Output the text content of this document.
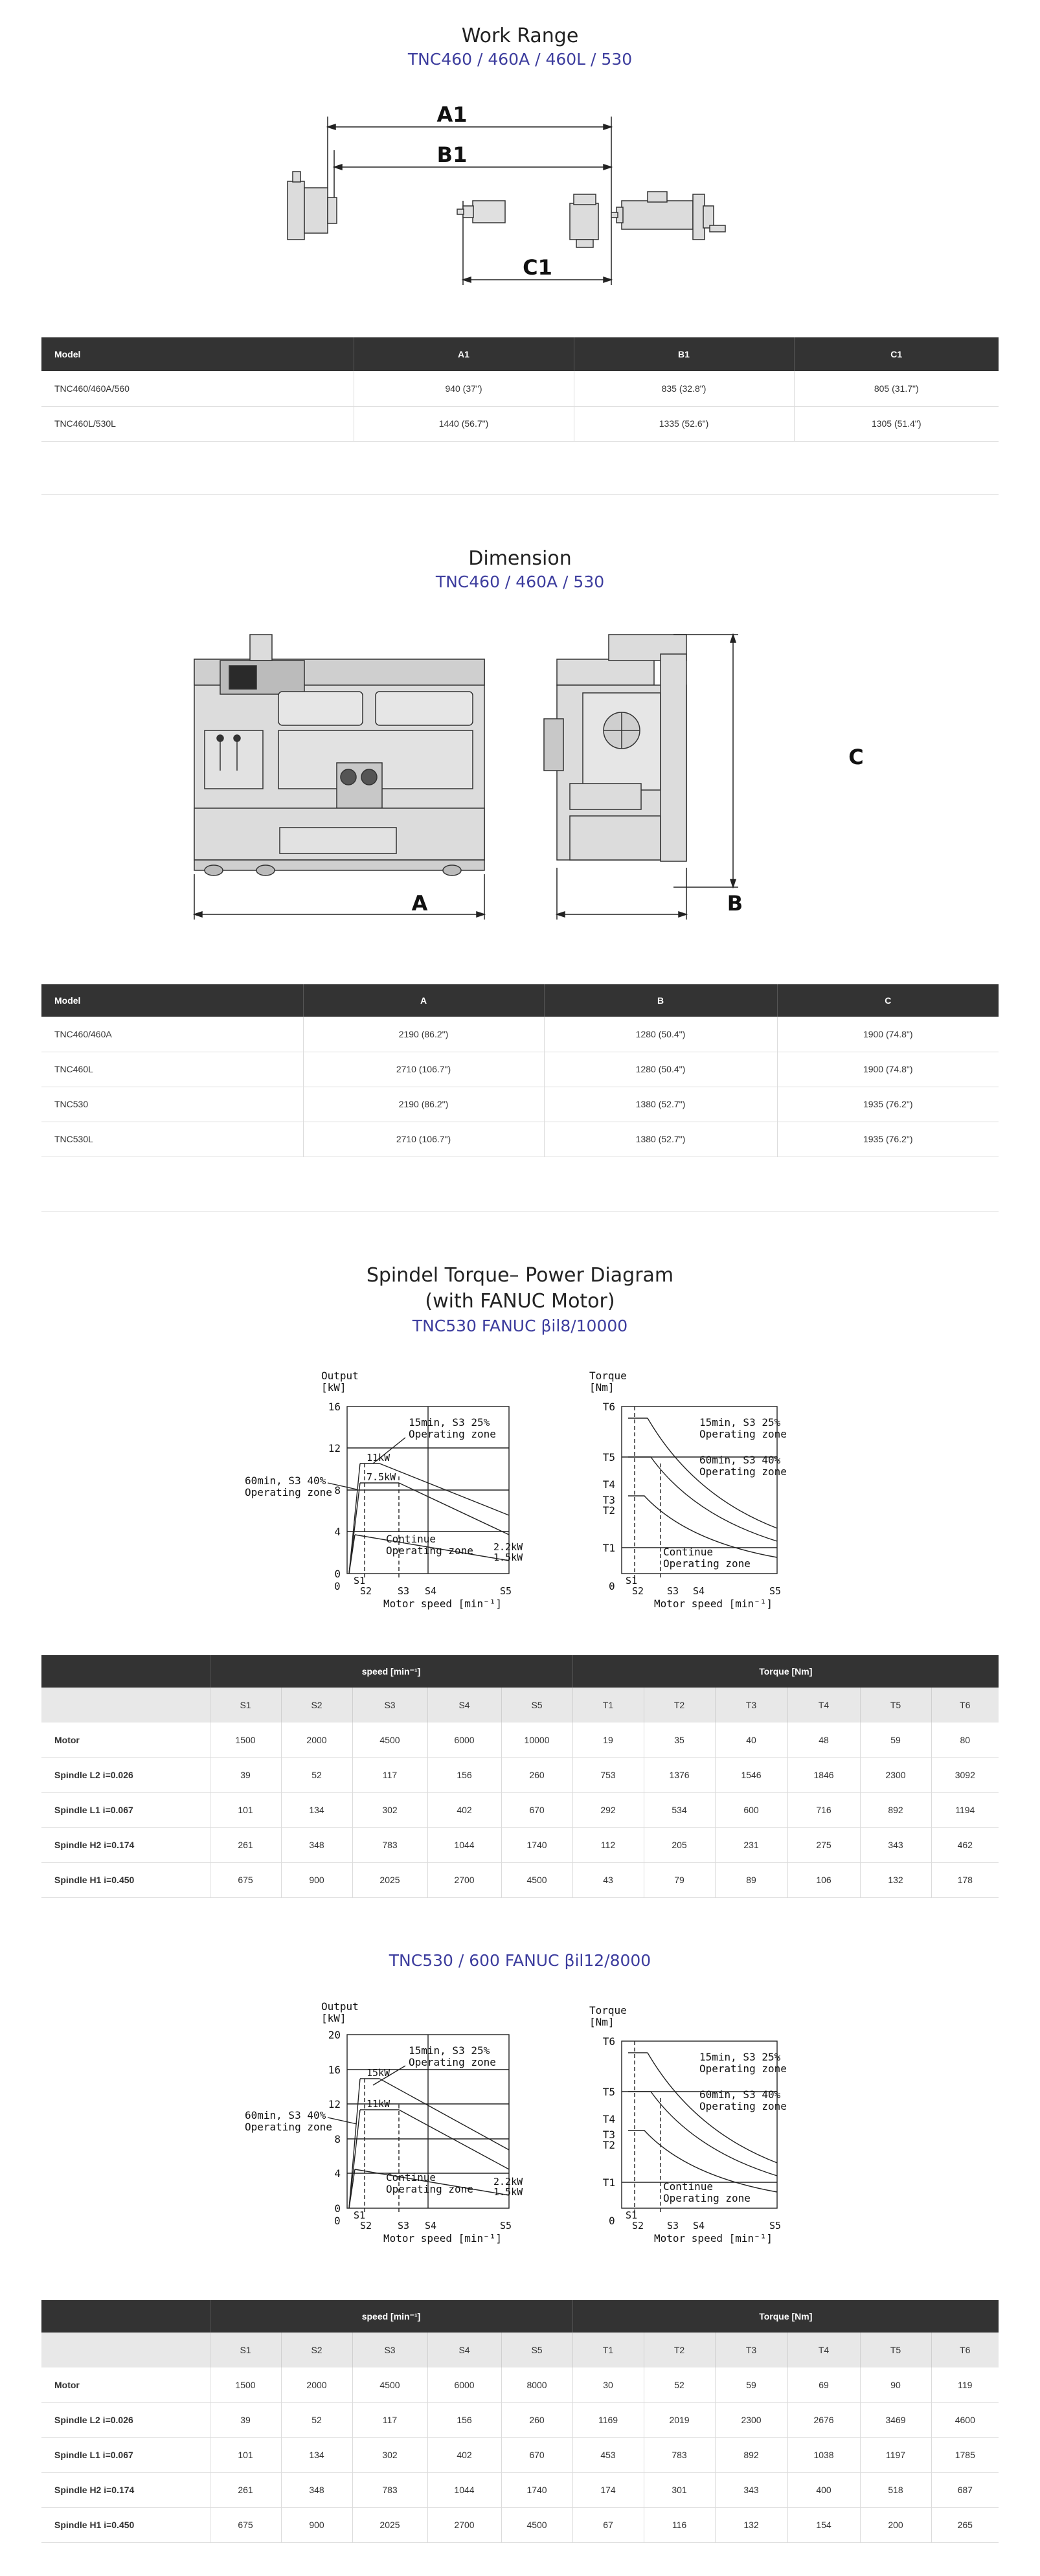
Work Range
TNC460 / 460A / 460L / 530
A1
B1
C1
Model	A1	B1	C1
TNC460/460A/560	940 (37")	835 (32.8")	805 (31.7")
TNC460L/530L	1440 (56.7")	1335 (52.6")	1305 (51.4")
Dimension
TNC460 / 460A / 530
A	B
C
Model	A	B	C
TNC460/460A	2190 (86.2")	1280 (50.4")	1900 (74.8")
TNC460L	2710 (106.7")	1280 (50.4")	1900 (74.8")
TNC530	2190 (86.2")	1380 (52.7")	1935 (76.2")
TNC530L	2710 (106.7")	1380 (52.7")	1935 (76.2")
Spindel Torque– Power Diagram
(with FANUC Motor)
TNC530 FANUC βil8/10000
Output
[kW]
16
12
8
4
0
0
11kW
7.5kW
2.2kW
1.5kW
15min, S3 25%
Operating zone
60min, S3 40%
Operating zone
Continue
Operating zone
S1
S2	S3 S4	S5
Motor speed [min⁻¹]
Torque
[Nm]
T6
T5
T4
T3
T2
T1
0
15min, S3 25%
Operating zone
60min, S3 40%
Operating zone
Continue
Operating zone
S1
S2 S3 S4	S5
Motor speed [min⁻¹]
	speed [min⁻¹]					Torque [Nm]					
	S1	S2	S3	S4	S5	T1	T2	T3	T4	T5	T6
Motor	1500	2000	4500	6000	10000	19	35	40	48	59	80
Spindle L2 i=0.026	39	52	117	156	260	753	1376	1546	1846	2300	3092
Spindle L1 i=0.067	101	134	302	402	670	292	534	600	716	892	1194
Spindle H2 i=0.174	261	348	783	1044	1740	112	205	231	275	343	462
Spindle H1 i=0.450	675	900	2025	2700	4500	43	79	89	106	132	178
TNC530 / 600 FANUC βil12/8000
Output
[kW]
20
16
12
8
4
0
0
15kW
11kW
2.2kW
1.5kW
15min, S3 25%
Operating zone
60min, S3 40%
Operating zone
Continue
Operating zone
S1
S2	S3 S4	S5
Motor speed [min⁻¹]
Torque
[Nm]
T6
T5
T4
T3
T2
T1
0
15min, S3 25%
Operating zone
60min, S3 40%
Operating zone
Continue
Operating zone
S1
S2 S3 S4	S5
Motor speed [min⁻¹]
	speed [min⁻¹]					Torque [Nm]					
	S1	S2	S3	S4	S5	T1	T2	T3	T4	T5	T6
Motor	1500	2000	4500	6000	8000	30	52	59	69	90	119
Spindle L2 i=0.026	39	52	117	156	260	1169	2019	2300	2676	3469	4600
Spindle L1 i=0.067	101	134	302	402	670	453	783	892	1038	1197	1785
Spindle H2 i=0.174	261	348	783	1044	1740	174	301	343	400	518	687
Spindle H1 i=0.450	675	900	2025	2700	4500	67	116	132	154	200	265
